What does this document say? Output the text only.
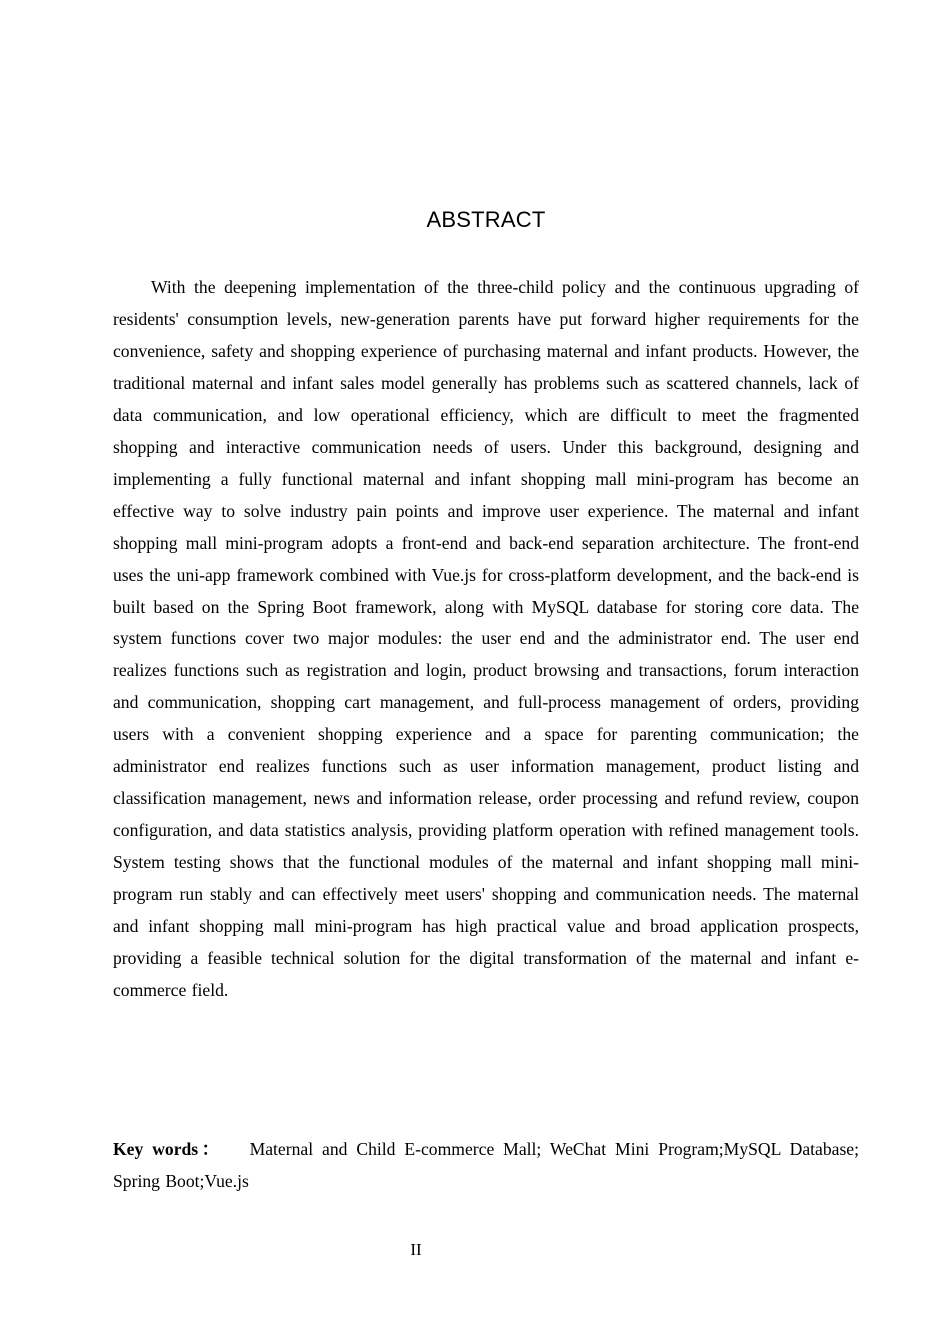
ABSTRACT

With the deepening implementation of the three-child policy and the continuous upgrading of residents' consumption levels, new-generation parents have put forward higher requirements for the convenience, safety and shopping experience of purchasing maternal and infant products. However, the traditional maternal and infant sales model generally has problems such as scattered channels, lack of data communication, and low operational efficiency, which are difficult to meet the fragmented shopping and interactive communication needs of users. Under this background, designing and implementing a fully functional maternal and infant shopping mall mini-program has become an effective way to solve industry pain points and improve user experience. The maternal and infant shopping mall mini-program adopts a front-end and back-end separation architecture. The front-end uses the uni-app framework combined with Vue.js for cross-platform development, and the back-end is built based on the Spring Boot framework, along with MySQL database for storing core data. The system functions cover two major modules: the user end and the administrator end. The user end realizes functions such as registration and login, product browsing and transactions, forum interaction and communication, shopping cart management, and full-process management of orders, providing users with a convenient shopping experience and a space for parenting communication; the administrator end realizes functions such as user information management, product listing and classification management, news and information release, order processing and refund review, coupon configuration, and data statistics analysis, providing platform operation with refined management tools. System testing shows that the functional modules of the maternal and infant shopping mall mini-program run stably and can effectively meet users' shopping and communication needs. The maternal and infant shopping mall mini-program has high practical value and broad application prospects, providing a feasible technical solution for the digital transformation of the maternal and infant e-commerce field.

Key words： Maternal and Child E-commerce Mall; WeChat Mini Program;MySQL Database; Spring Boot;Vue.js

II
